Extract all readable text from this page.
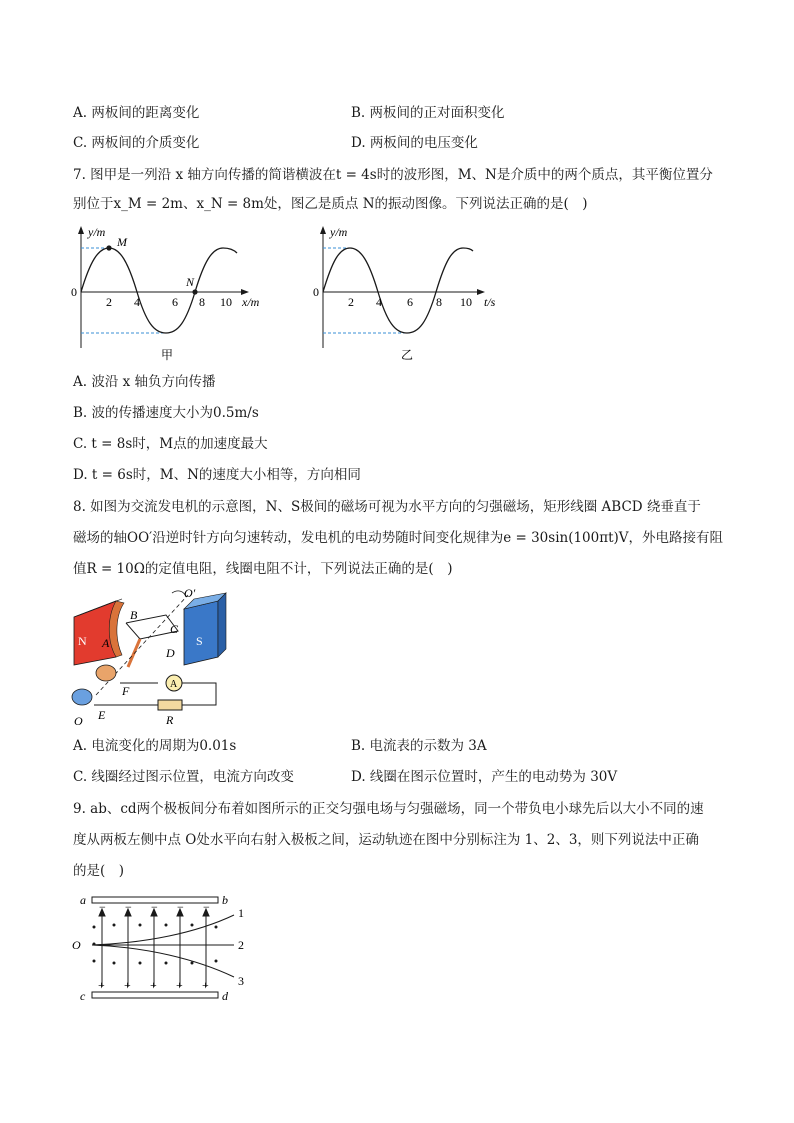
A. 两板间的距离变化	B. 两板间的正对面积变化
C. 两板间的介质变化	D. 两板间的电压变化
7. 图甲是一列沿 x 轴方向传播的简谐横波在t = 4s时的波形图，M、N是介质中的两个质点，其平衡位置分
别位于x_M = 2m、x_N = 8m处，图乙是质点 N的振动图像。下列说法正确的是(　)
y/m
M
N
0
2 4	6 8 10 x/m
甲
y/m
0
2 4 6 8 10 t/s
乙
A. 波沿 x 轴负方向传播
B. 波的传播速度大小为0.5m/s
C. t = 8s时，M点的加速度最大
D. t = 6s时，M、N的速度大小相等，方向相同
8. 如图为交流发电机的示意图，N、S极间的磁场可视为水平方向的匀强磁场，矩形线圈 ABCD 绕垂直于
磁场的轴OO′沿逆时针方向匀速转动，发电机的电动势随时间变化规律为e = 30sin(100πt)V，外电路接有阻
值R = 10Ω的定值电阻，线圈电阻不计，下列说法正确的是(　)
N	S
A
B
C
D
F
E
O
O′
A
R
A. 电流变化的周期为0.01s	B. 电流表的示数为 3A
C. 线圈经过图示位置，电流方向改变	D. 线圈在图示位置时，产生的电动势为 30V
9. ab、cd两个极板间分布着如图所示的正交匀强电场与匀强磁场，同一个带负电小球先后以大小不同的速
度从两板左侧中点 O处水平向右射入极板之间，运动轨迹在图中分别标注为 1、2、3，则下列说法中正确
的是(　)
a	b
c	d
O
1
2
3
− − − − −
+ + + + +
